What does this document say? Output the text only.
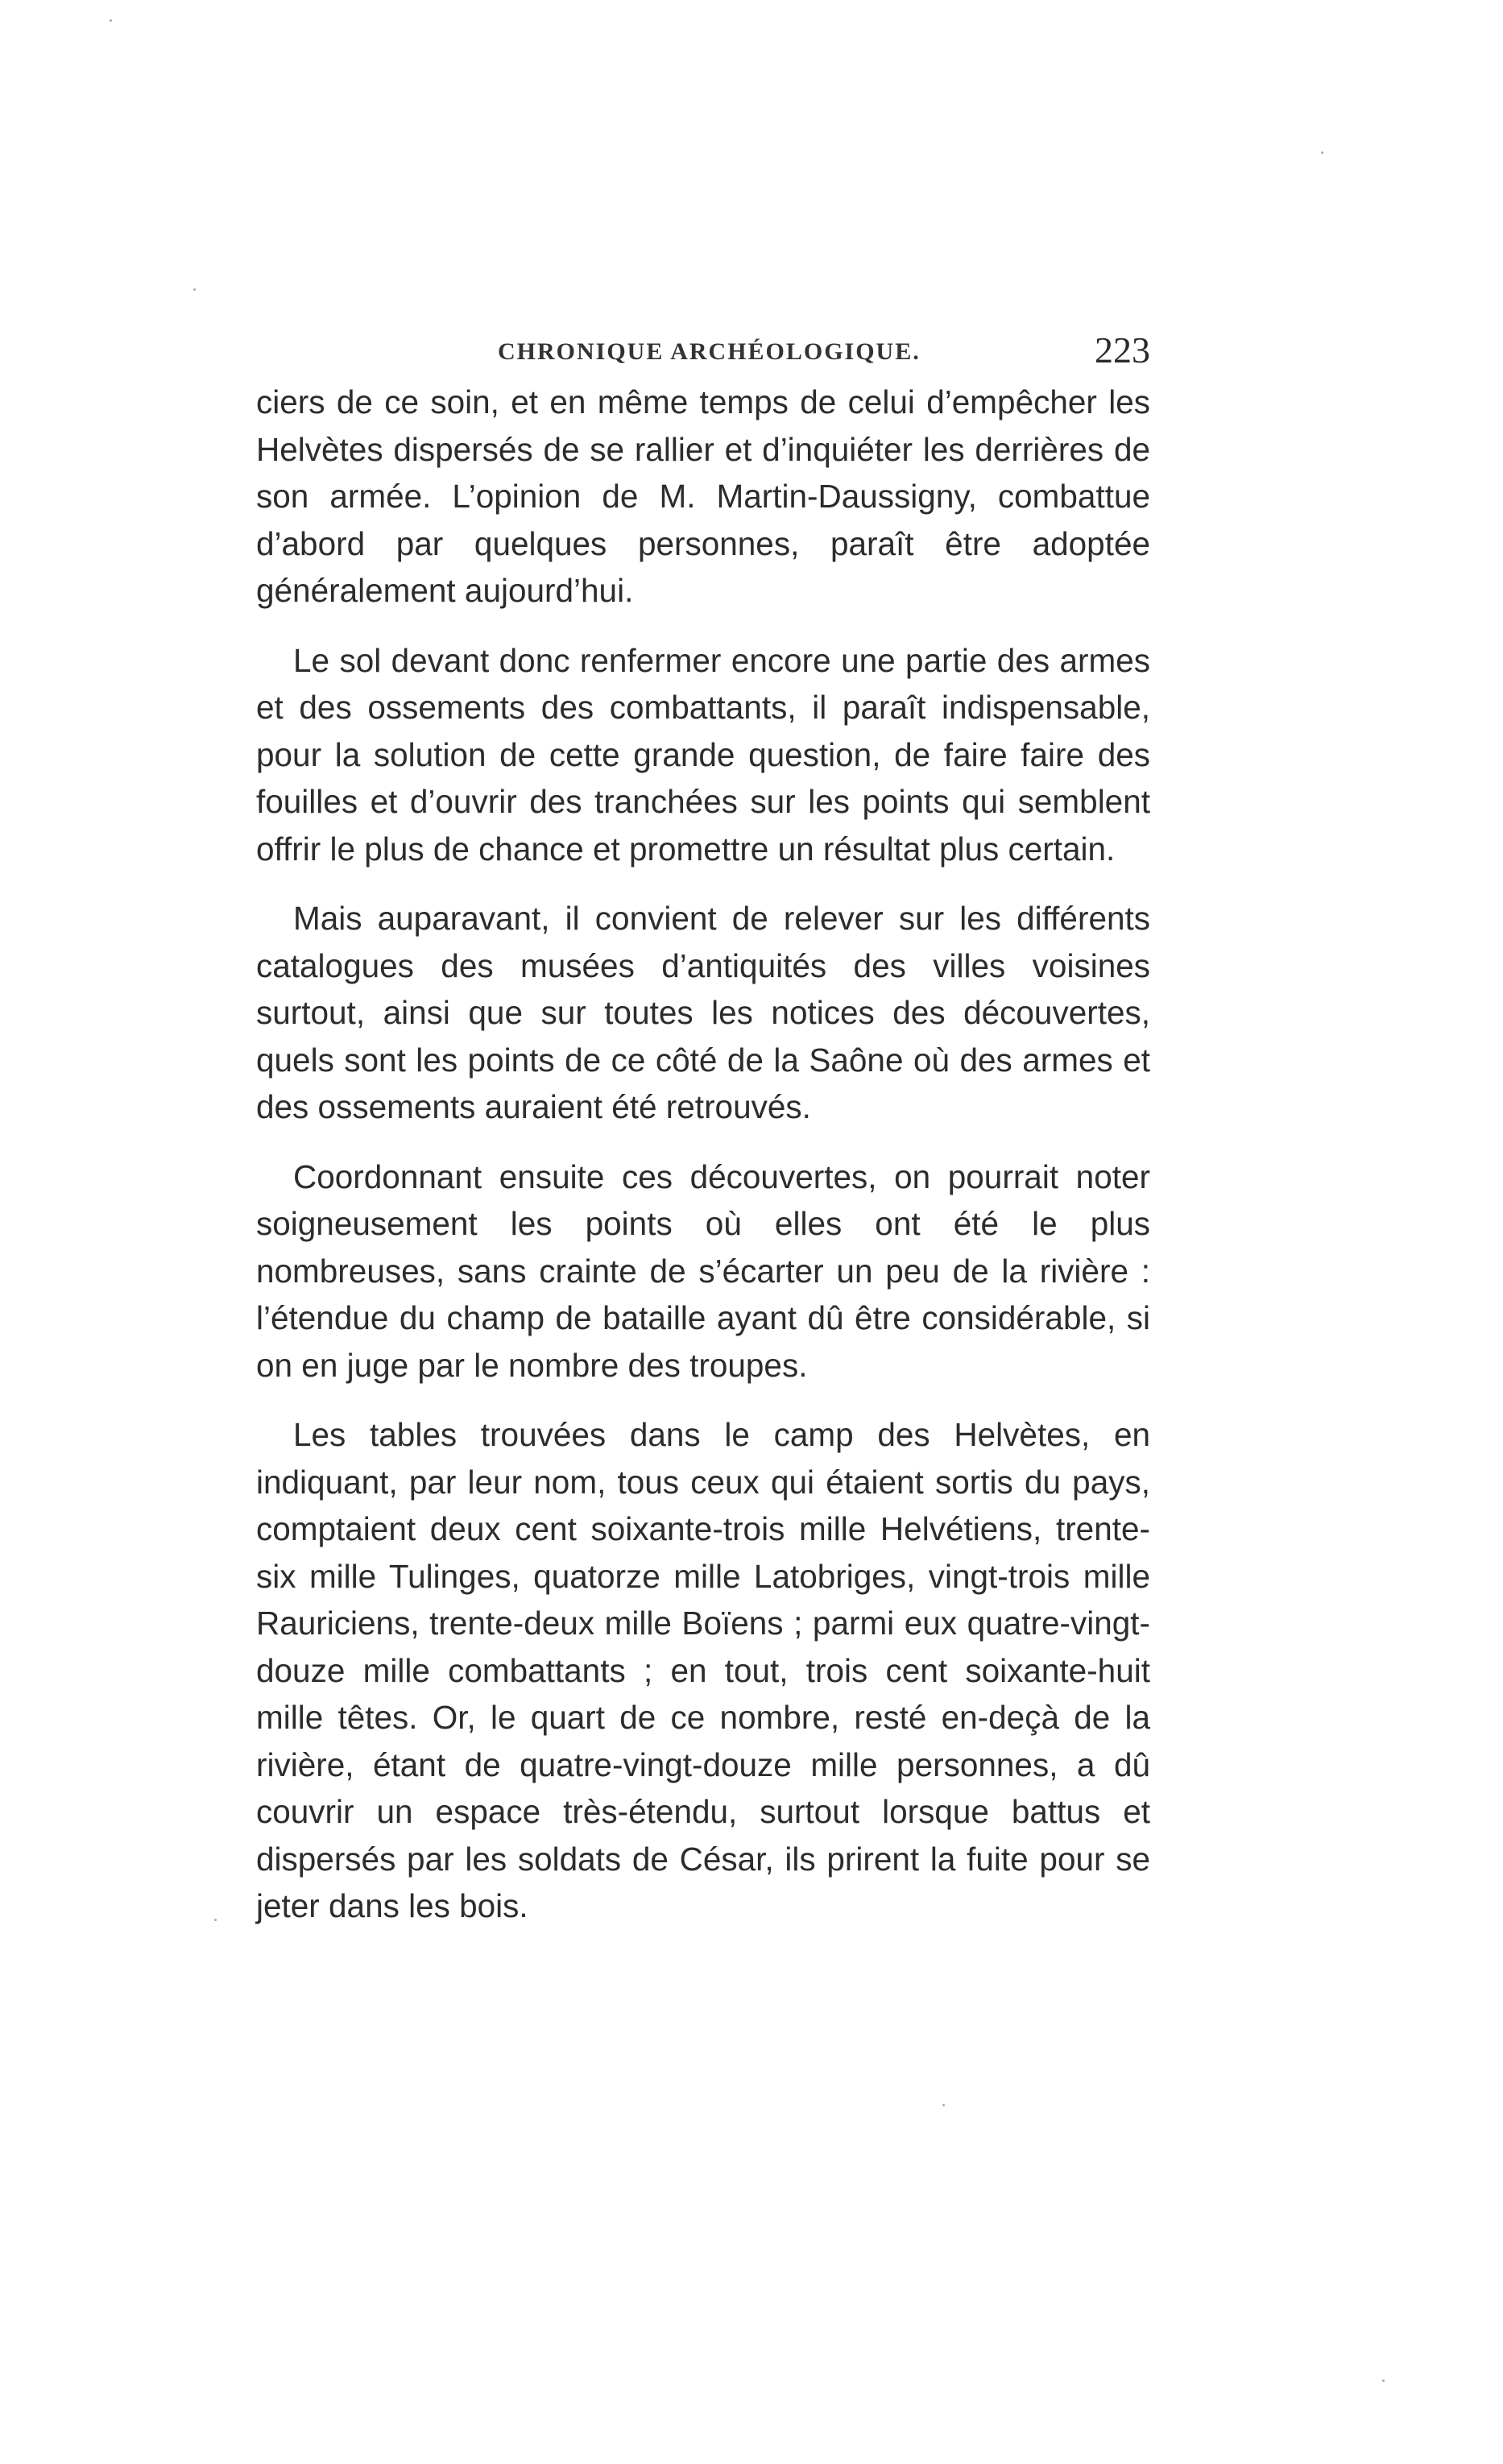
CHRONIQUE ARCHÉOLOGIQUE.	223

ciers de ce soin, et en même temps de celui d’empêcher les Helvètes dispersés de se rallier et d’inquiéter les derrières de son armée. L’opinion de M. Martin-Daussigny, combattue d’abord par quelques personnes, paraît être adoptée généralement aujourd’hui.

Le sol devant donc renfermer encore une partie des armes et des ossements des combattants, il paraît indispensable, pour la solution de cette grande question, de faire faire des fouilles et d’ouvrir des tranchées sur les points qui semblent offrir le plus de chance et promettre un résultat plus certain.

Mais auparavant, il convient de relever sur les différents catalogues des musées d’antiquités des villes voisines surtout, ainsi que sur toutes les notices des découvertes, quels sont les points de ce côté de la Saône où des armes et des ossements auraient été retrouvés.

Coordonnant ensuite ces découvertes, on pourrait noter soigneusement les points où elles ont été le plus nombreuses, sans crainte de s’écarter un peu de la rivière : l’étendue du champ de bataille ayant dû être considérable, si on en juge par le nombre des troupes.

Les tables trouvées dans le camp des Helvètes, en indiquant, par leur nom, tous ceux qui étaient sortis du pays, comptaient deux cent soixante-trois mille Helvétiens, trente-six mille Tulinges, quatorze mille Latobriges, vingt-trois mille Rauriciens, trente-deux mille Boïens ; parmi eux quatre-vingt-douze mille combattants ; en tout, trois cent soixante-huit mille têtes. Or, le quart de ce nombre, resté en-deçà de la rivière, étant de quatre-vingt-douze mille personnes, a dû couvrir un espace très-étendu, surtout lorsque battus et dispersés par les soldats de César, ils prirent la fuite pour se jeter dans les bois.
